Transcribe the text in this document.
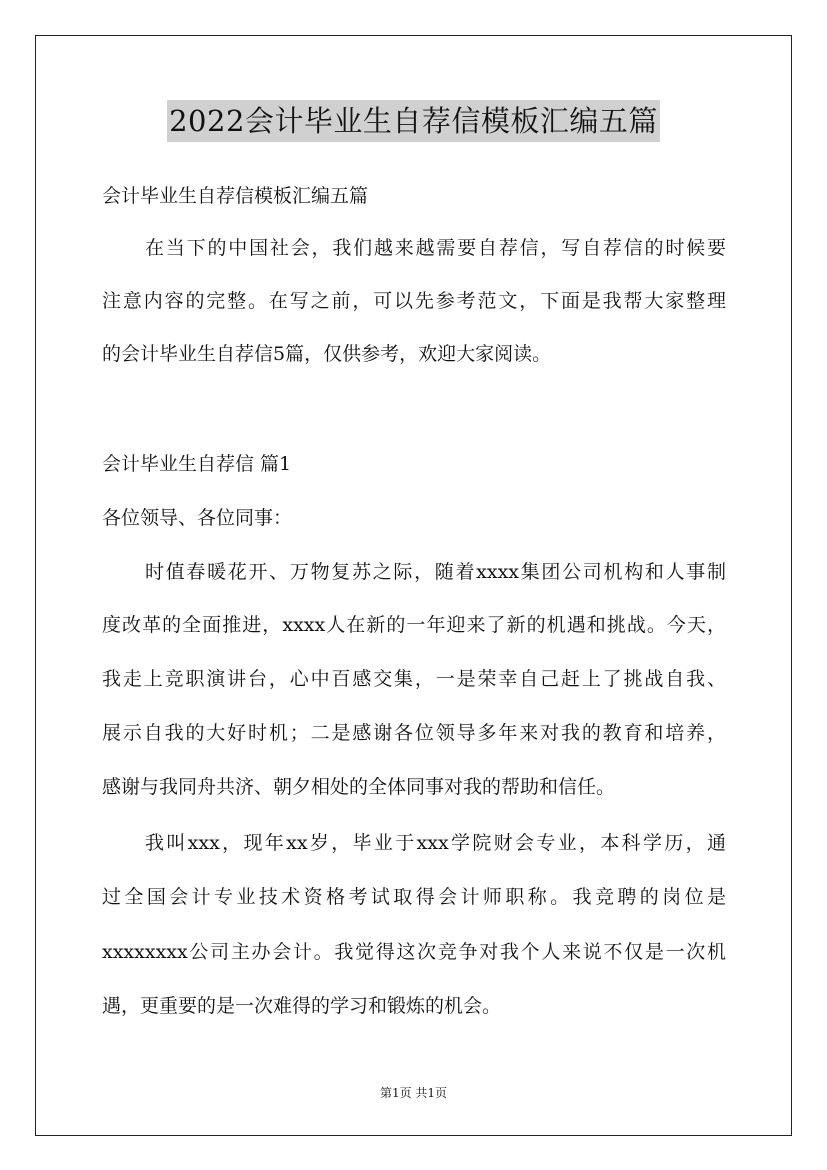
2022会计毕业生自荐信模板汇编五篇
会计毕业生自荐信模板汇编五篇
在当下的中国社会，我们越来越需要自荐信，写自荐信的时候要
注意内容的完整。在写之前，可以先参考范文，下面是我帮大家整理
的会计毕业生自荐信5篇，仅供参考，欢迎大家阅读。
会计毕业生自荐信 篇1
各位领导、各位同事：
时值春暖花开、万物复苏之际，随着xxxx集团公司机构和人事制
度改革的全面推进，xxxx人在新的一年迎来了新的机遇和挑战。今天，
我走上竞职演讲台，心中百感交集，一是荣幸自己赶上了挑战自我、
展示自我的大好时机；二是感谢各位领导多年来对我的教育和培养，
感谢与我同舟共济、朝夕相处的全体同事对我的帮助和信任。
我叫xxx，现年xx岁，毕业于xxx学院财会专业，本科学历，通
过全国会计专业技术资格考试取得会计师职称。我竞聘的岗位是
xxxxxxxx公司主办会计。我觉得这次竞争对我个人来说不仅是一次机
遇，更重要的是一次难得的学习和锻炼的机会。
第1页 共1页
